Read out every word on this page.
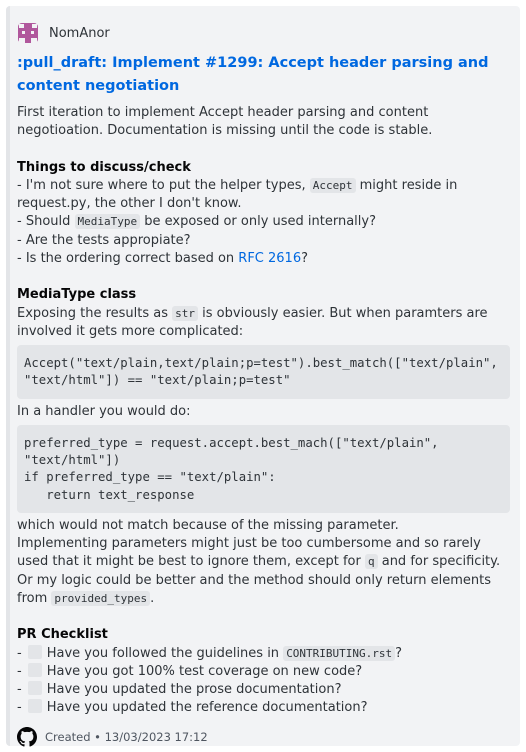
NomAnor
:pull_draft: Implement #1299: Accept header parsing and content negotiation

First iteration to implement Accept header parsing and content negotioation. Documentation is missing until the code is stable.

Things to discuss/check

- I'm not sure where to put the helper types, Accept might reside in request.py, the other I don't know.

- Should MediaType be exposed or only used internally?

- Are the tests appropiate?

- Is the ordering correct based on RFC 2616?

MediaType class

Exposing the results as str is obviously easier. But when paramters are involved it gets more complicated:

Accept("text/plain,text/plain;p=test").best_match(["text/plain", "text/html"]) == "text/plain;p=test"

In a handler you would do:

preferred_type = request.accept.best_mach(["text/plain",
"text/html"])
if preferred_type == "text/plain":
return text_response

which would not match because of the missing parameter.

Implementing parameters might just be too cumbersome and so rarely used that it might be best to ignore them, except for q and for specificity. Or my logic could be better and the method should only return elements from provided_types .

PR Checklist

- Have you followed the guidelines in CONTRIBUTING.rst ?

- Have you got 100% test coverage on new code?

- Have you updated the prose documentation?

- Have you updated the reference documentation?

Created • 13/03/2023 17:12
